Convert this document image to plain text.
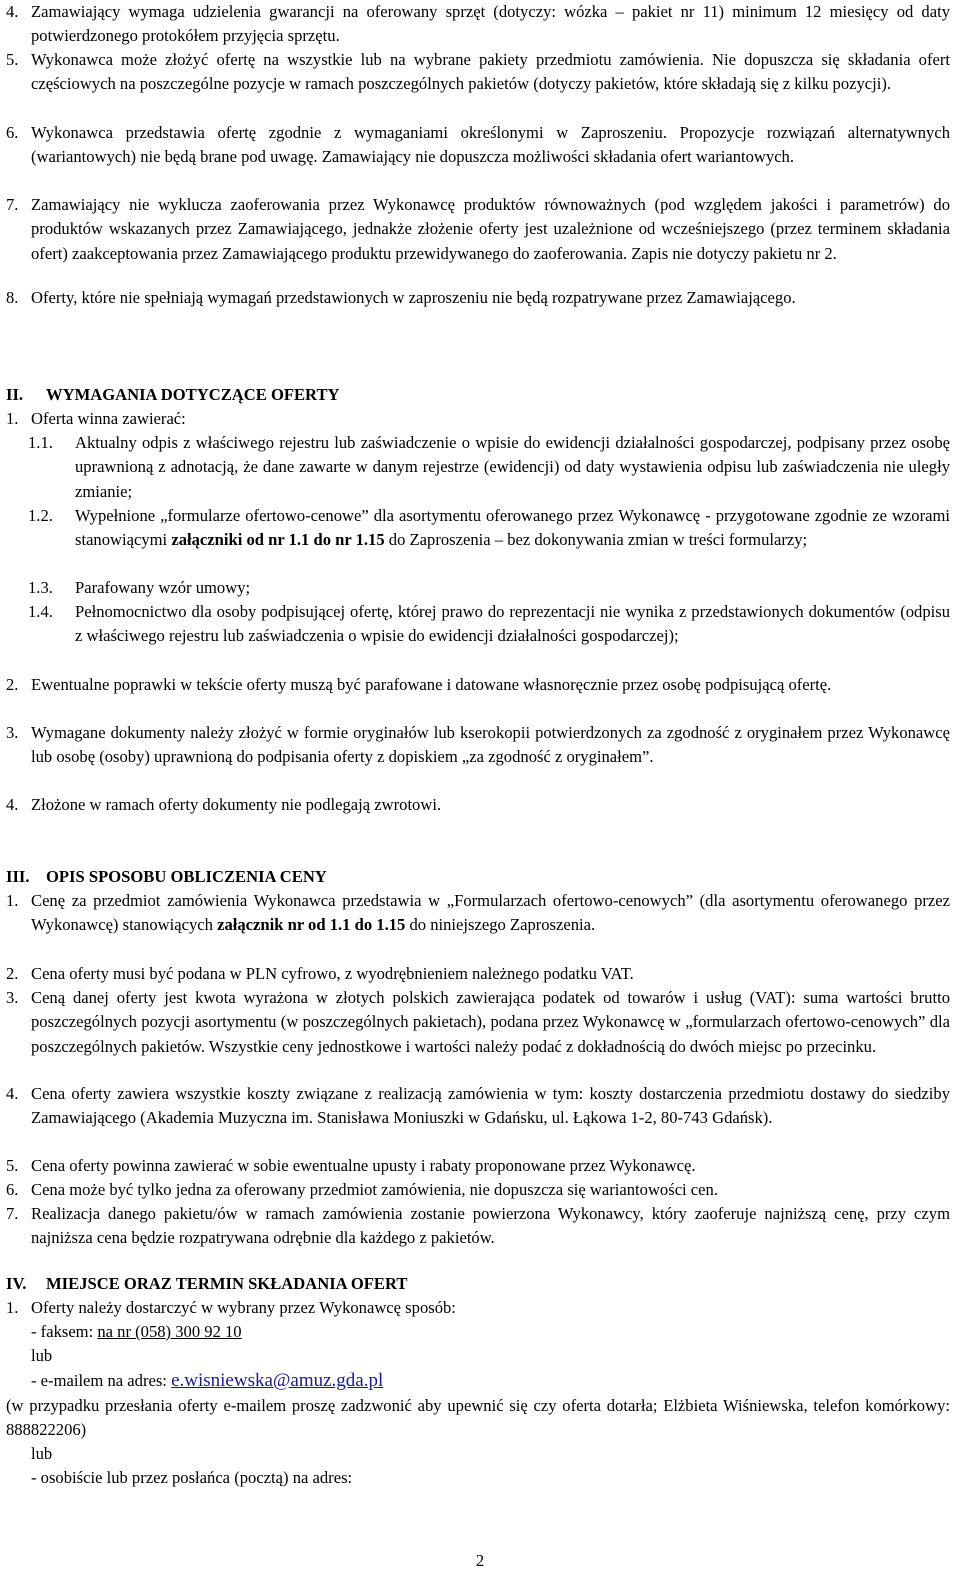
4. Zamawiający wymaga udzielenia gwarancji na oferowany sprzęt (dotyczy: wózka – pakiet nr 11) minimum 12 miesięcy od daty potwierdzonego protokółem przyjęcia sprzętu.
5. Wykonawca może złożyć ofertę na wszystkie lub na wybrane pakiety przedmiotu zamówienia. Nie dopuszcza się składania ofert częściowych na poszczególne pozycje w ramach poszczególnych pakietów (dotyczy pakietów, które składają się z kilku pozycji).
6. Wykonawca przedstawia ofertę zgodnie z wymaganiami określonymi w Zaproszeniu. Propozycje rozwiązań alternatywnych (wariantowych) nie będą brane pod uwagę. Zamawiający nie dopuszcza możliwości składania ofert wariantowych.
7. Zamawiający nie wyklucza zaoferowania przez Wykonawcę produktów równoważnych (pod względem jakości i parametrów) do produktów wskazanych przez Zamawiającego, jednakże złożenie oferty jest uzależnione od wcześniejszego (przez terminem składania ofert) zaakceptowania przez Zamawiającego produktu przewidywanego do zaoferowania. Zapis nie dotyczy pakietu nr 2.
8. Oferty, które nie spełniają wymagań przedstawionych w zaproszeniu nie będą rozpatrywane przez Zamawiającego.
II. WYMAGANIA DOTYCZĄCE OFERTY
1. Oferta winna zawierać:
1.1. Aktualny odpis z właściwego rejestru lub zaświadczenie o wpisie do ewidencji działalności gospodarczej, podpisany przez osobę uprawnioną z adnotacją, że dane zawarte w danym rejestrze (ewidencji) od daty wystawienia odpisu lub zaświadczenia nie uległy zmianie;
1.2. Wypełnione „formularze ofertowo-cenowe” dla asortymentu oferowanego przez Wykonawcę - przygotowane zgodnie ze wzorami stanowiącymi załączniki od nr 1.1 do nr 1.15 do Zaproszenia – bez dokonywania zmian w treści formularzy;
1.3. Parafowany wzór umowy;
1.4. Pełnomocnictwo dla osoby podpisującej ofertę, której prawo do reprezentacji nie wynika z przedstawionych dokumentów (odpisu z właściwego rejestru lub zaświadczenia o wpisie do ewidencji działalności gospodarczej);
2. Ewentualne poprawki w tekście oferty muszą być parafowane i datowane własnoręcznie przez osobę podpisującą ofertę.
3. Wymagane dokumenty należy złożyć w formie oryginałów lub kserokopii potwierdzonych za zgodność z oryginałem przez Wykonawcę lub osobę (osoby) uprawnioną do podpisania oferty z dopiskiem „za zgodność z oryginałem”.
4. Złożone w ramach oferty dokumenty nie podlegają zwrotowi.
III. OPIS SPOSOBU OBLICZENIA CENY
1. Cenę za przedmiot zamówienia Wykonawca przedstawia w „Formularzach ofertowo-cenowych” (dla asortymentu oferowanego przez Wykonawcę) stanowiących załącznik nr od 1.1 do 1.15 do niniejszego Zaproszenia.
2. Cena oferty musi być podana w PLN cyfrowo, z wyodrębnieniem należnego podatku VAT.
3. Ceną danej oferty jest kwota wyrażona w złotych polskich zawierająca podatek od towarów i usług (VAT): suma wartości brutto poszczególnych pozycji asortymentu (w poszczególnych pakietach), podana przez Wykonawcę w „formularzach ofertowo-cenowych” dla poszczególnych pakietów. Wszystkie ceny jednostkowe i wartości należy podać z dokładnością do dwóch miejsc po przecinku.
4. Cena oferty zawiera wszystkie koszty związane z realizacją zamówienia w tym: koszty dostarczenia przedmiotu dostawy do siedziby Zamawiającego (Akademia Muzyczna im. Stanisława Moniuszki w Gdańsku, ul. Łąkowa 1-2, 80-743 Gdańsk).
5. Cena oferty powinna zawierać w sobie ewentualne upusty i rabaty proponowane przez Wykonawcę.
6. Cena może być tylko jedna za oferowany przedmiot zamówienia, nie dopuszcza się wariantowości cen.
7. Realizacja danego pakietu/ów w ramach zamówienia zostanie powierzona Wykonawcy, który zaoferuje najniższą cenę, przy czym najniższa cena będzie rozpatrywana odrębnie dla każdego z pakietów.
IV. MIEJSCE ORAZ TERMIN SKŁADANIA OFERT
1. Oferty należy dostarczyć w wybrany przez Wykonawcę sposób:
- faksem: na nr (058) 300 92 10
lub
- e-mailem na adres: e.wisniewska@amuz.gda.pl
(w przypadku przesłania oferty e-mailem proszę zadzwonić aby upewnić się czy oferta dotarła; Elżbieta Wiśniewska, telefon komórkowy: 888822206)
lub
- osobiście lub przez posłańca (pocztą) na adres:
2
